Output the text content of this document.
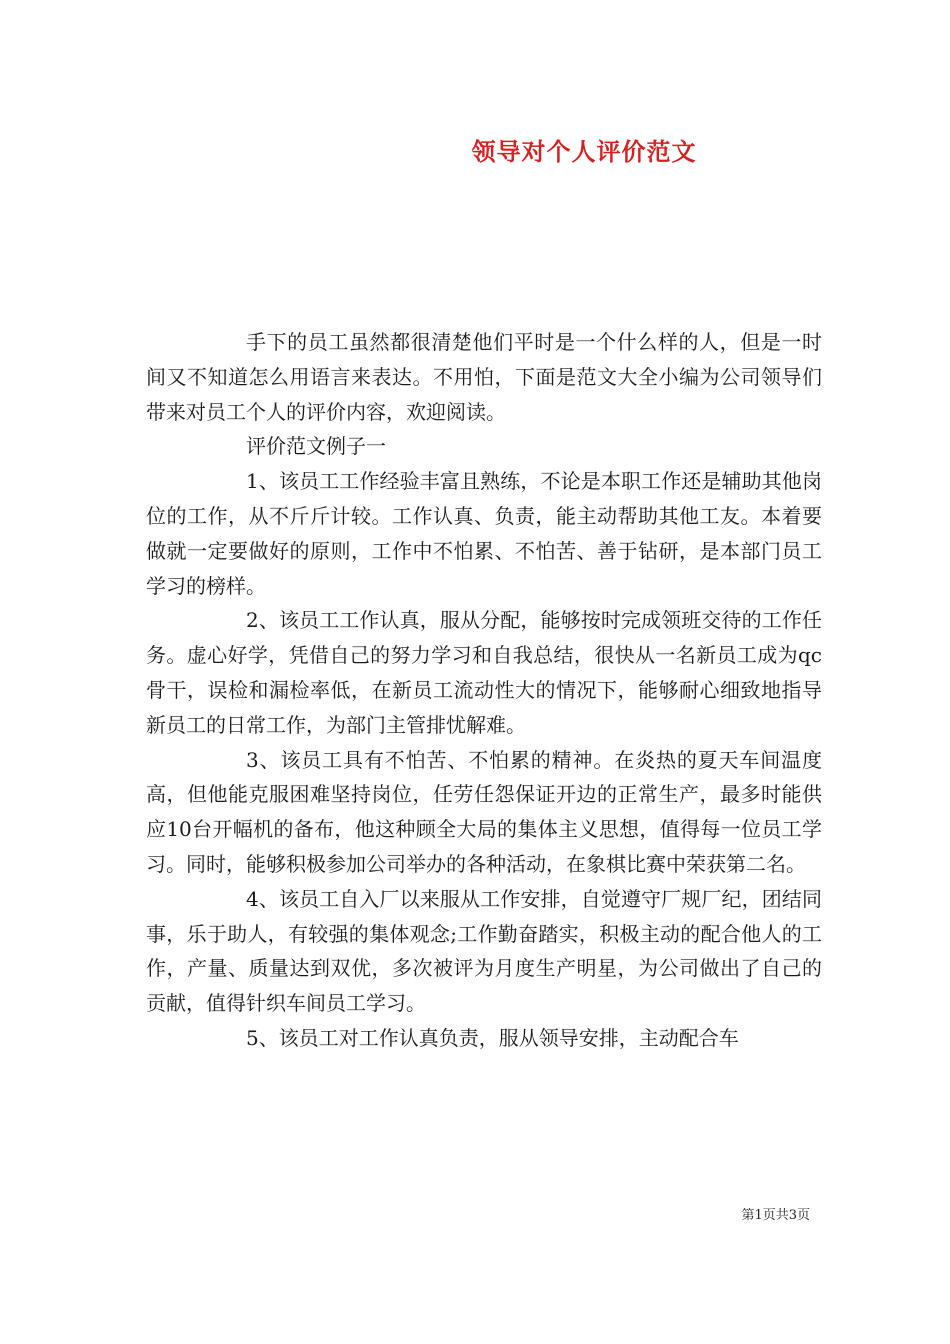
领导对个人评价范文

手下的员工虽然都很清楚他们平时是一个什么样的人，但是一时间又不知道怎么用语言来表达。不用怕，下面是范文大全小编为公司领导们带来对员工个人的评价内容，欢迎阅读。

评价范文例子一

1、该员工工作经验丰富且熟练，不论是本职工作还是辅助其他岗位的工作，从不斤斤计较。工作认真、负责，能主动帮助其他工友。本着要做就一定要做好的原则，工作中不怕累、不怕苦、善于钻研，是本部门员工学习的榜样。

2、该员工工作认真，服从分配，能够按时完成领班交待的工作任务。虚心好学，凭借自己的努力学习和自我总结，很快从一名新员工成为qc骨干，误检和漏检率低，在新员工流动性大的情况下，能够耐心细致地指导新员工的日常工作，为部门主管排忧解难。

3、该员工具有不怕苦、不怕累的精神。在炎热的夏天车间温度高，但他能克服困难坚持岗位，任劳任怨保证开边的正常生产，最多时能供应10台开幅机的备布，他这种顾全大局的集体主义思想，值得每一位员工学习。同时，能够积极参加公司举办的各种活动，在象棋比赛中荣获第二名。

4、该员工自入厂以来服从工作安排，自觉遵守厂规厂纪，团结同事，乐于助人，有较强的集体观念;工作勤奋踏实，积极主动的配合他人的工作，产量、质量达到双优，多次被评为月度生产明星，为公司做出了自己的贡献，值得针织车间员工学习。

5、该员工对工作认真负责，服从领导安排，主动配合车

第1页共3页
